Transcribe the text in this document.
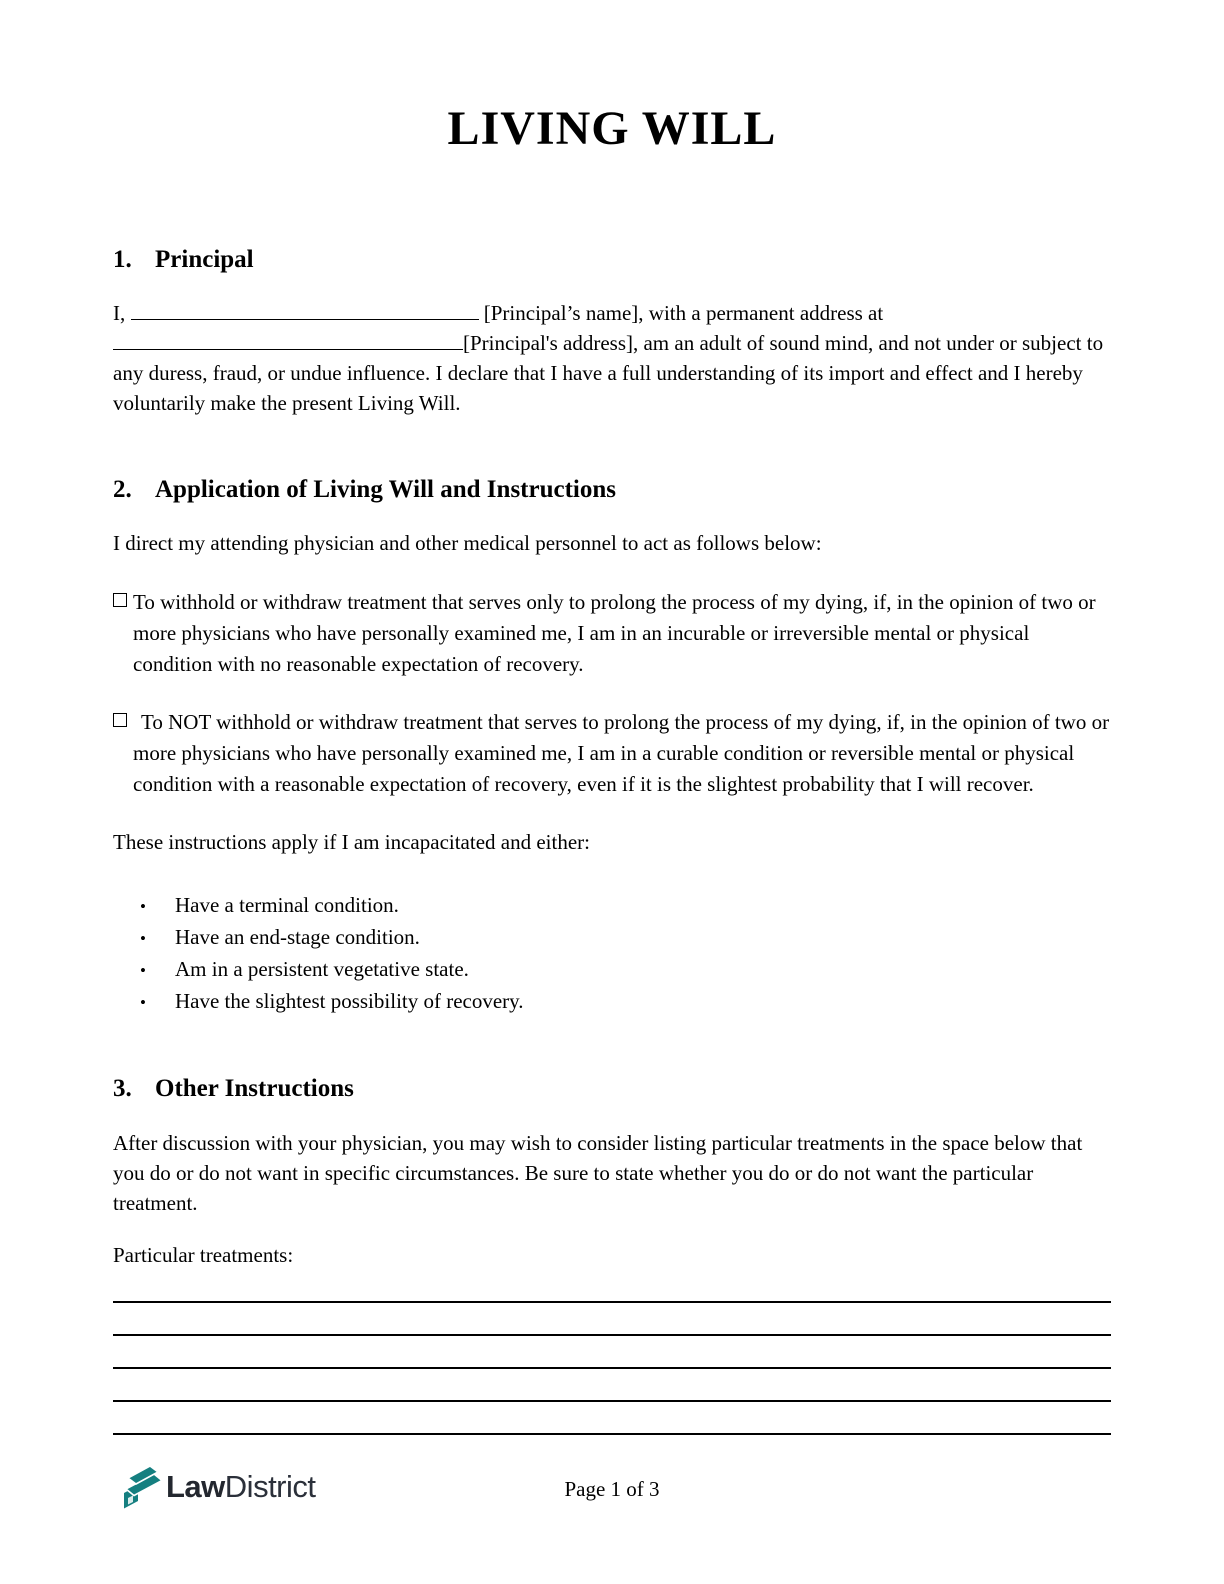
LIVING WILL
1. Principal

I,	[Principal’s name], with a permanent address at [Principal's address], am an adult of sound mind, and not under or subject to any duress, fraud, or undue influence. I declare that I have a full understanding of its import and effect and I hereby voluntarily make the present Living Will.

2. Application of Living Will and Instructions

I direct my attending physician and other medical personnel to act as follows below:

To withhold or withdraw treatment that serves only to prolong the process of my dying, if, in the opinion of two or more physicians who have personally examined me, I am in an incurable or irreversible mental or physical condition with no reasonable expectation of recovery.
To NOT withhold or withdraw treatment that serves to prolong the process of my dying, if, in the opinion of two or more physicians who have personally examined me, I am in a curable condition or reversible mental or physical condition with a reasonable expectation of recovery, even if it is the slightest probability that I will recover.

These instructions apply if I am incapacitated and either:

• Have a terminal condition.
• Have an end-stage condition.
• Am in a persistent vegetative state.
• Have the slightest possibility of recovery.
3. Other Instructions

After discussion with your physician, you may wish to consider listing particular treatments in the space below that you do or do not want in specific circumstances. Be sure to state whether you do or do not want the particular treatment.

Particular treatments:

LawDistrict	Page 1 of 3
